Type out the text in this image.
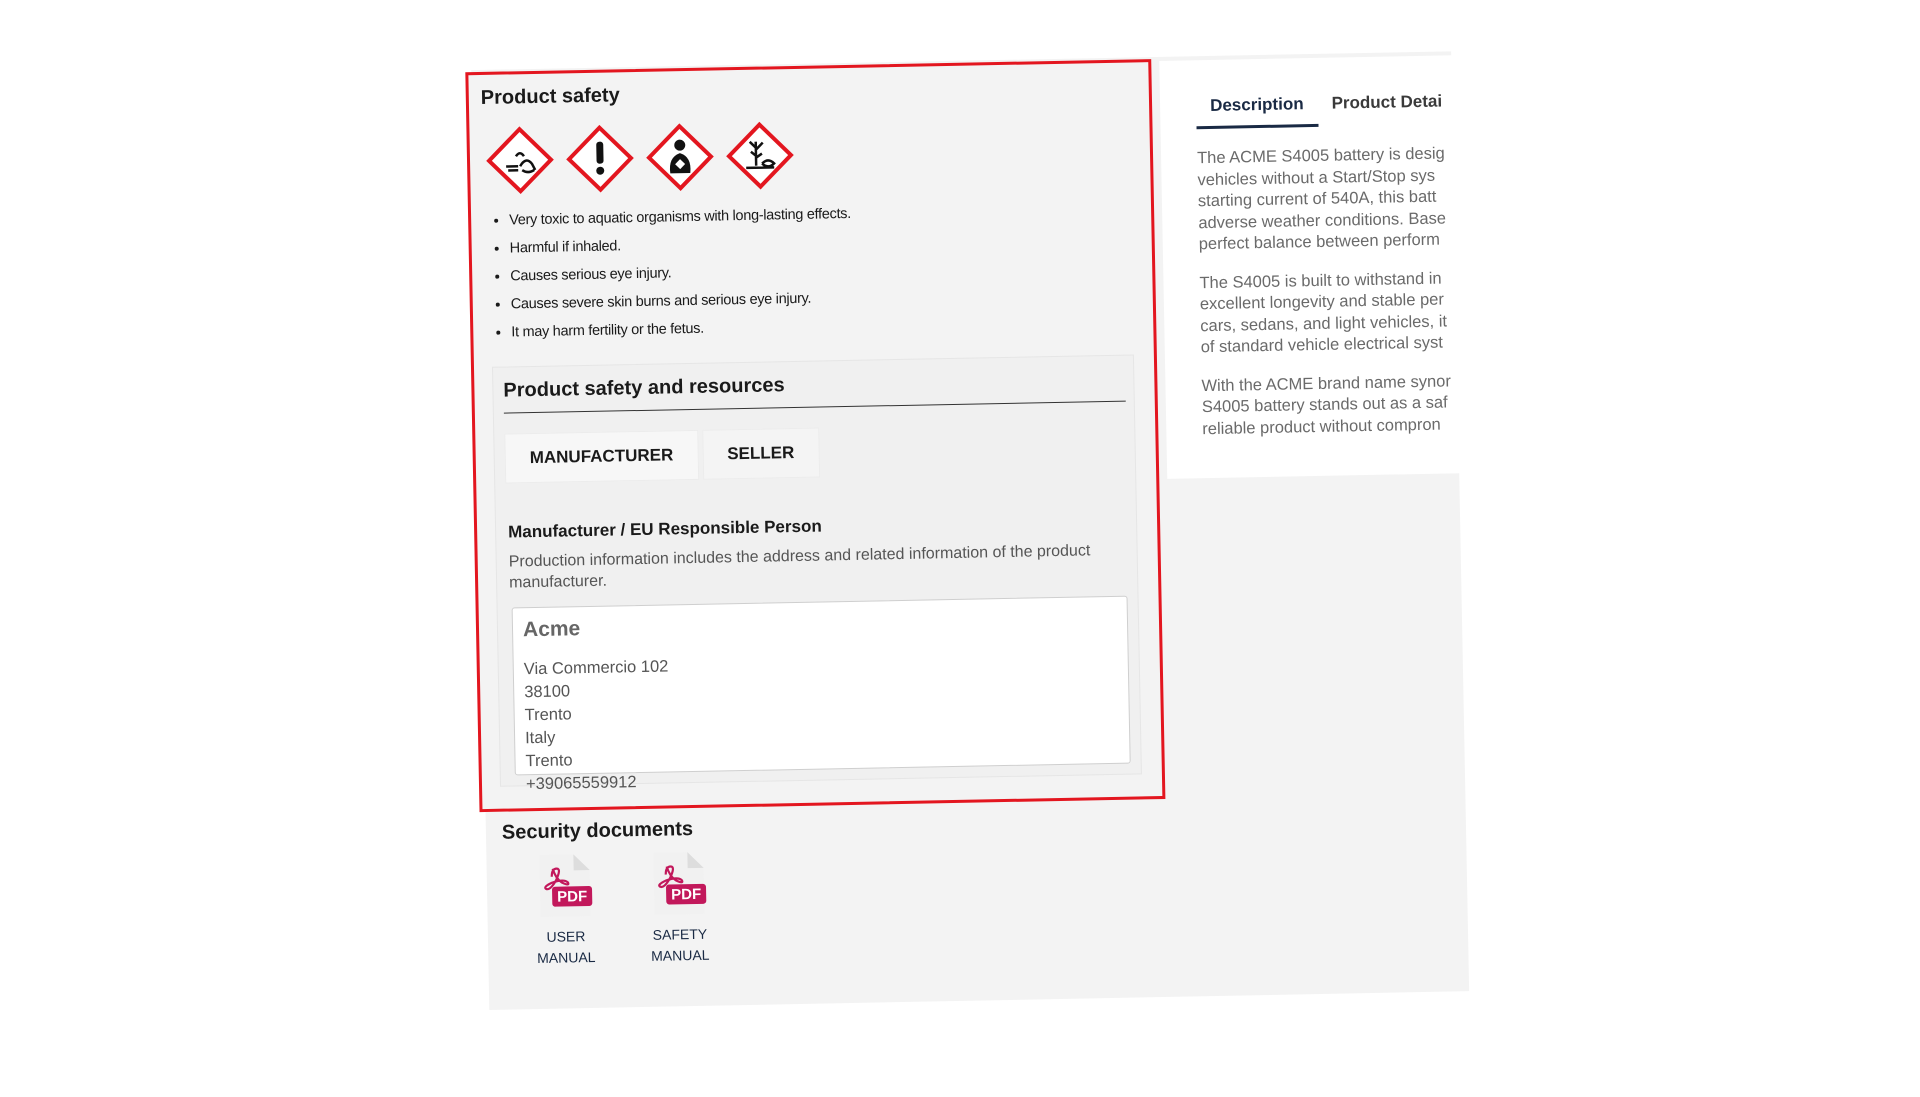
Description	Product Detai

The ACME S4005 battery is desig
vehicles without a Start/Stop sys
starting current of 540A, this batt
adverse weather conditions. Base
perfect balance between perform

The S4005 is built to withstand in
excellent longevity and stable per
cars, sedans, and light vehicles, it
of standard vehicle electrical syst

With the ACME brand name synor
S4005 battery stands out as a saf
reliable product without compron

Product safety
• Very toxic to aquatic organisms with long-lasting effects.
• Harmful if inhaled.
• Causes serious eye injury.
• Causes severe skin burns and serious eye injury.
• It may harm fertility or the fetus.
Product safety and resources
MANUFACTURER	SELLER
Manufacturer / EU Responsible Person
Production information includes the address and related information of the product manufacturer.
Acme
Via Commercio 102
38100
Trento
Italy
Trento
+39065559912
Security documents
PDF
USER
MANUAL
PDF
SAFETY
MANUAL
